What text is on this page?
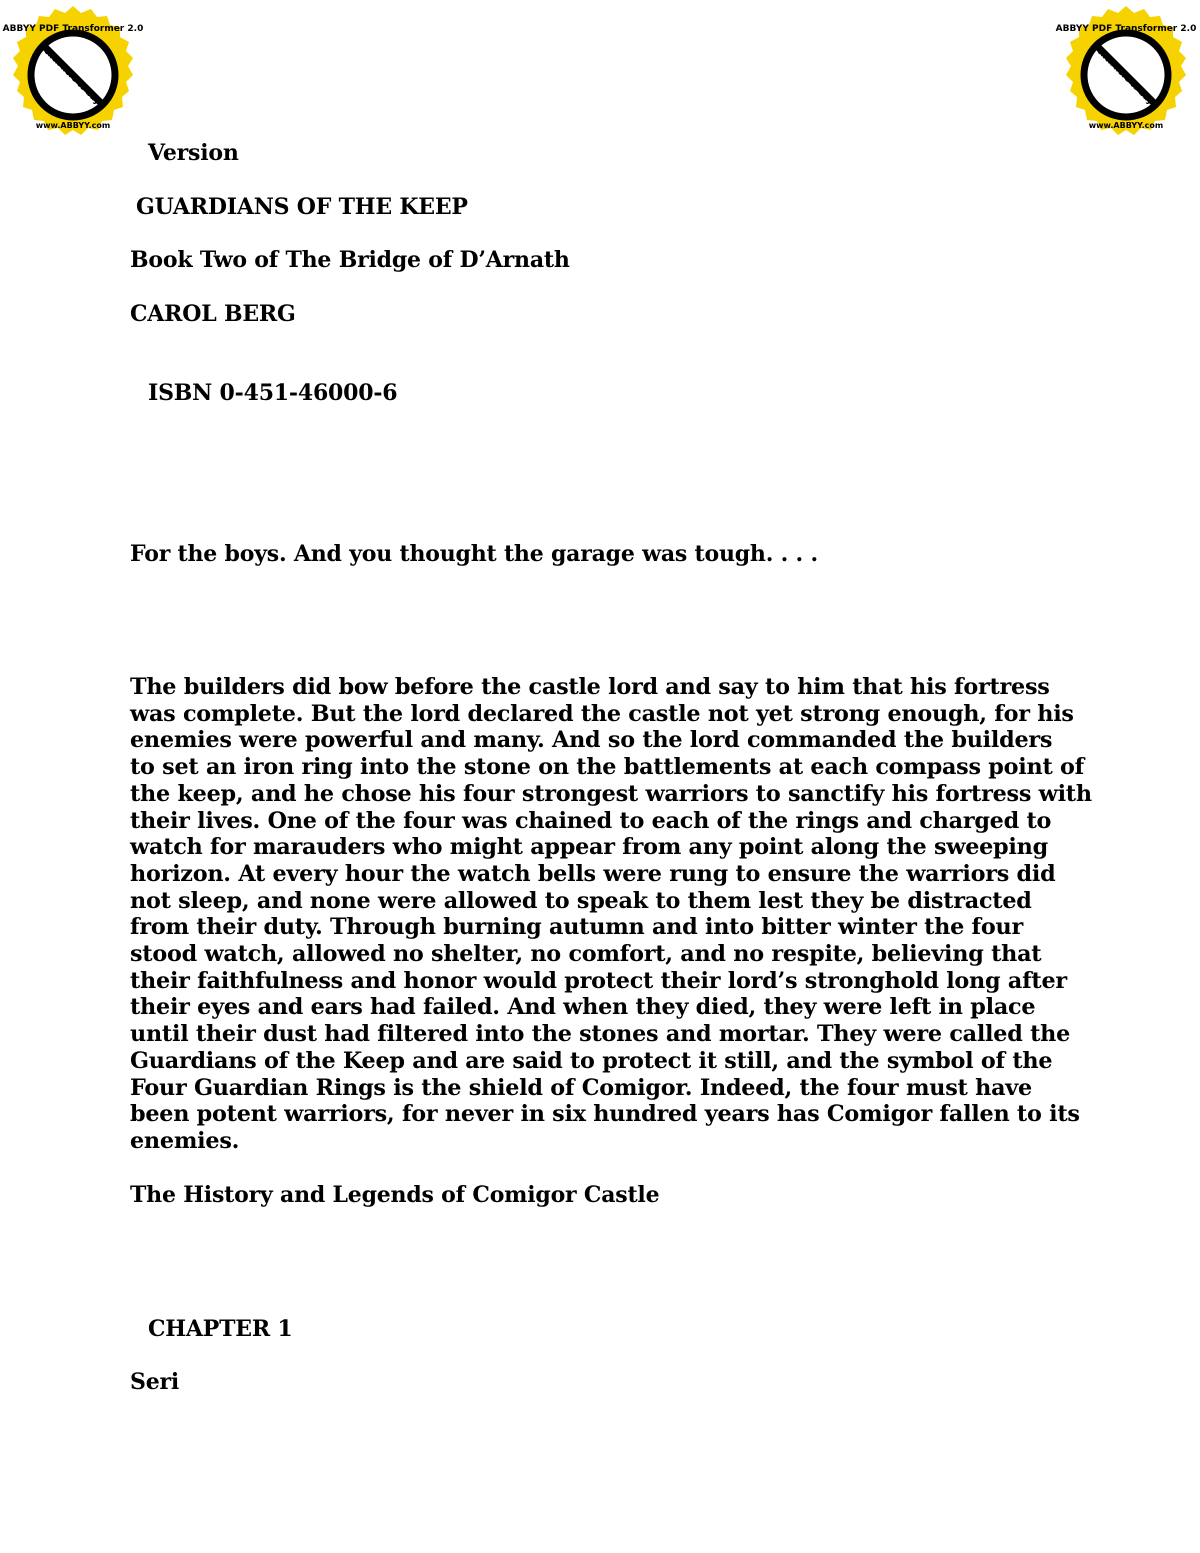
ABBYY PDF Transformer 2.0
Click here to buy
www.ABBYY.com
ABBYY PDF Transformer 2.0
Click here to buy
www.ABBYY.com

Version

GUARDIANS OF THE KEEP

Book Two of The Bridge of D’Arnath

CAROL BERG

ISBN 0-451-46000-6

For the boys. And you thought the garage was tough. . . .

The builders did bow before the castle lord and say to him that his fortress
was complete. But the lord declared the castle not yet strong enough, for his
enemies were powerful and many. And so the lord commanded the builders
to set an iron ring into the stone on the battlements at each compass point of
the keep, and he chose his four strongest warriors to sanctify his fortress with
their lives. One of the four was chained to each of the rings and charged to
watch for marauders who might appear from any point along the sweeping
horizon. At every hour the watch bells were rung to ensure the warriors did
not sleep, and none were allowed to speak to them lest they be distracted
from their duty. Through burning autumn and into bitter winter the four
stood watch, allowed no shelter, no comfort, and no respite, believing that
their faithfulness and honor would protect their lord’s stronghold long after
their eyes and ears had failed. And when they died, they were left in place
until their dust had filtered into the stones and mortar. They were called the
Guardians of the Keep and are said to protect it still, and the symbol of the
Four Guardian Rings is the shield of Comigor. Indeed, the four must have
been potent warriors, for never in six hundred years has Comigor fallen to its
enemies.

The History and Legends of Comigor Castle

CHAPTER 1

Seri
